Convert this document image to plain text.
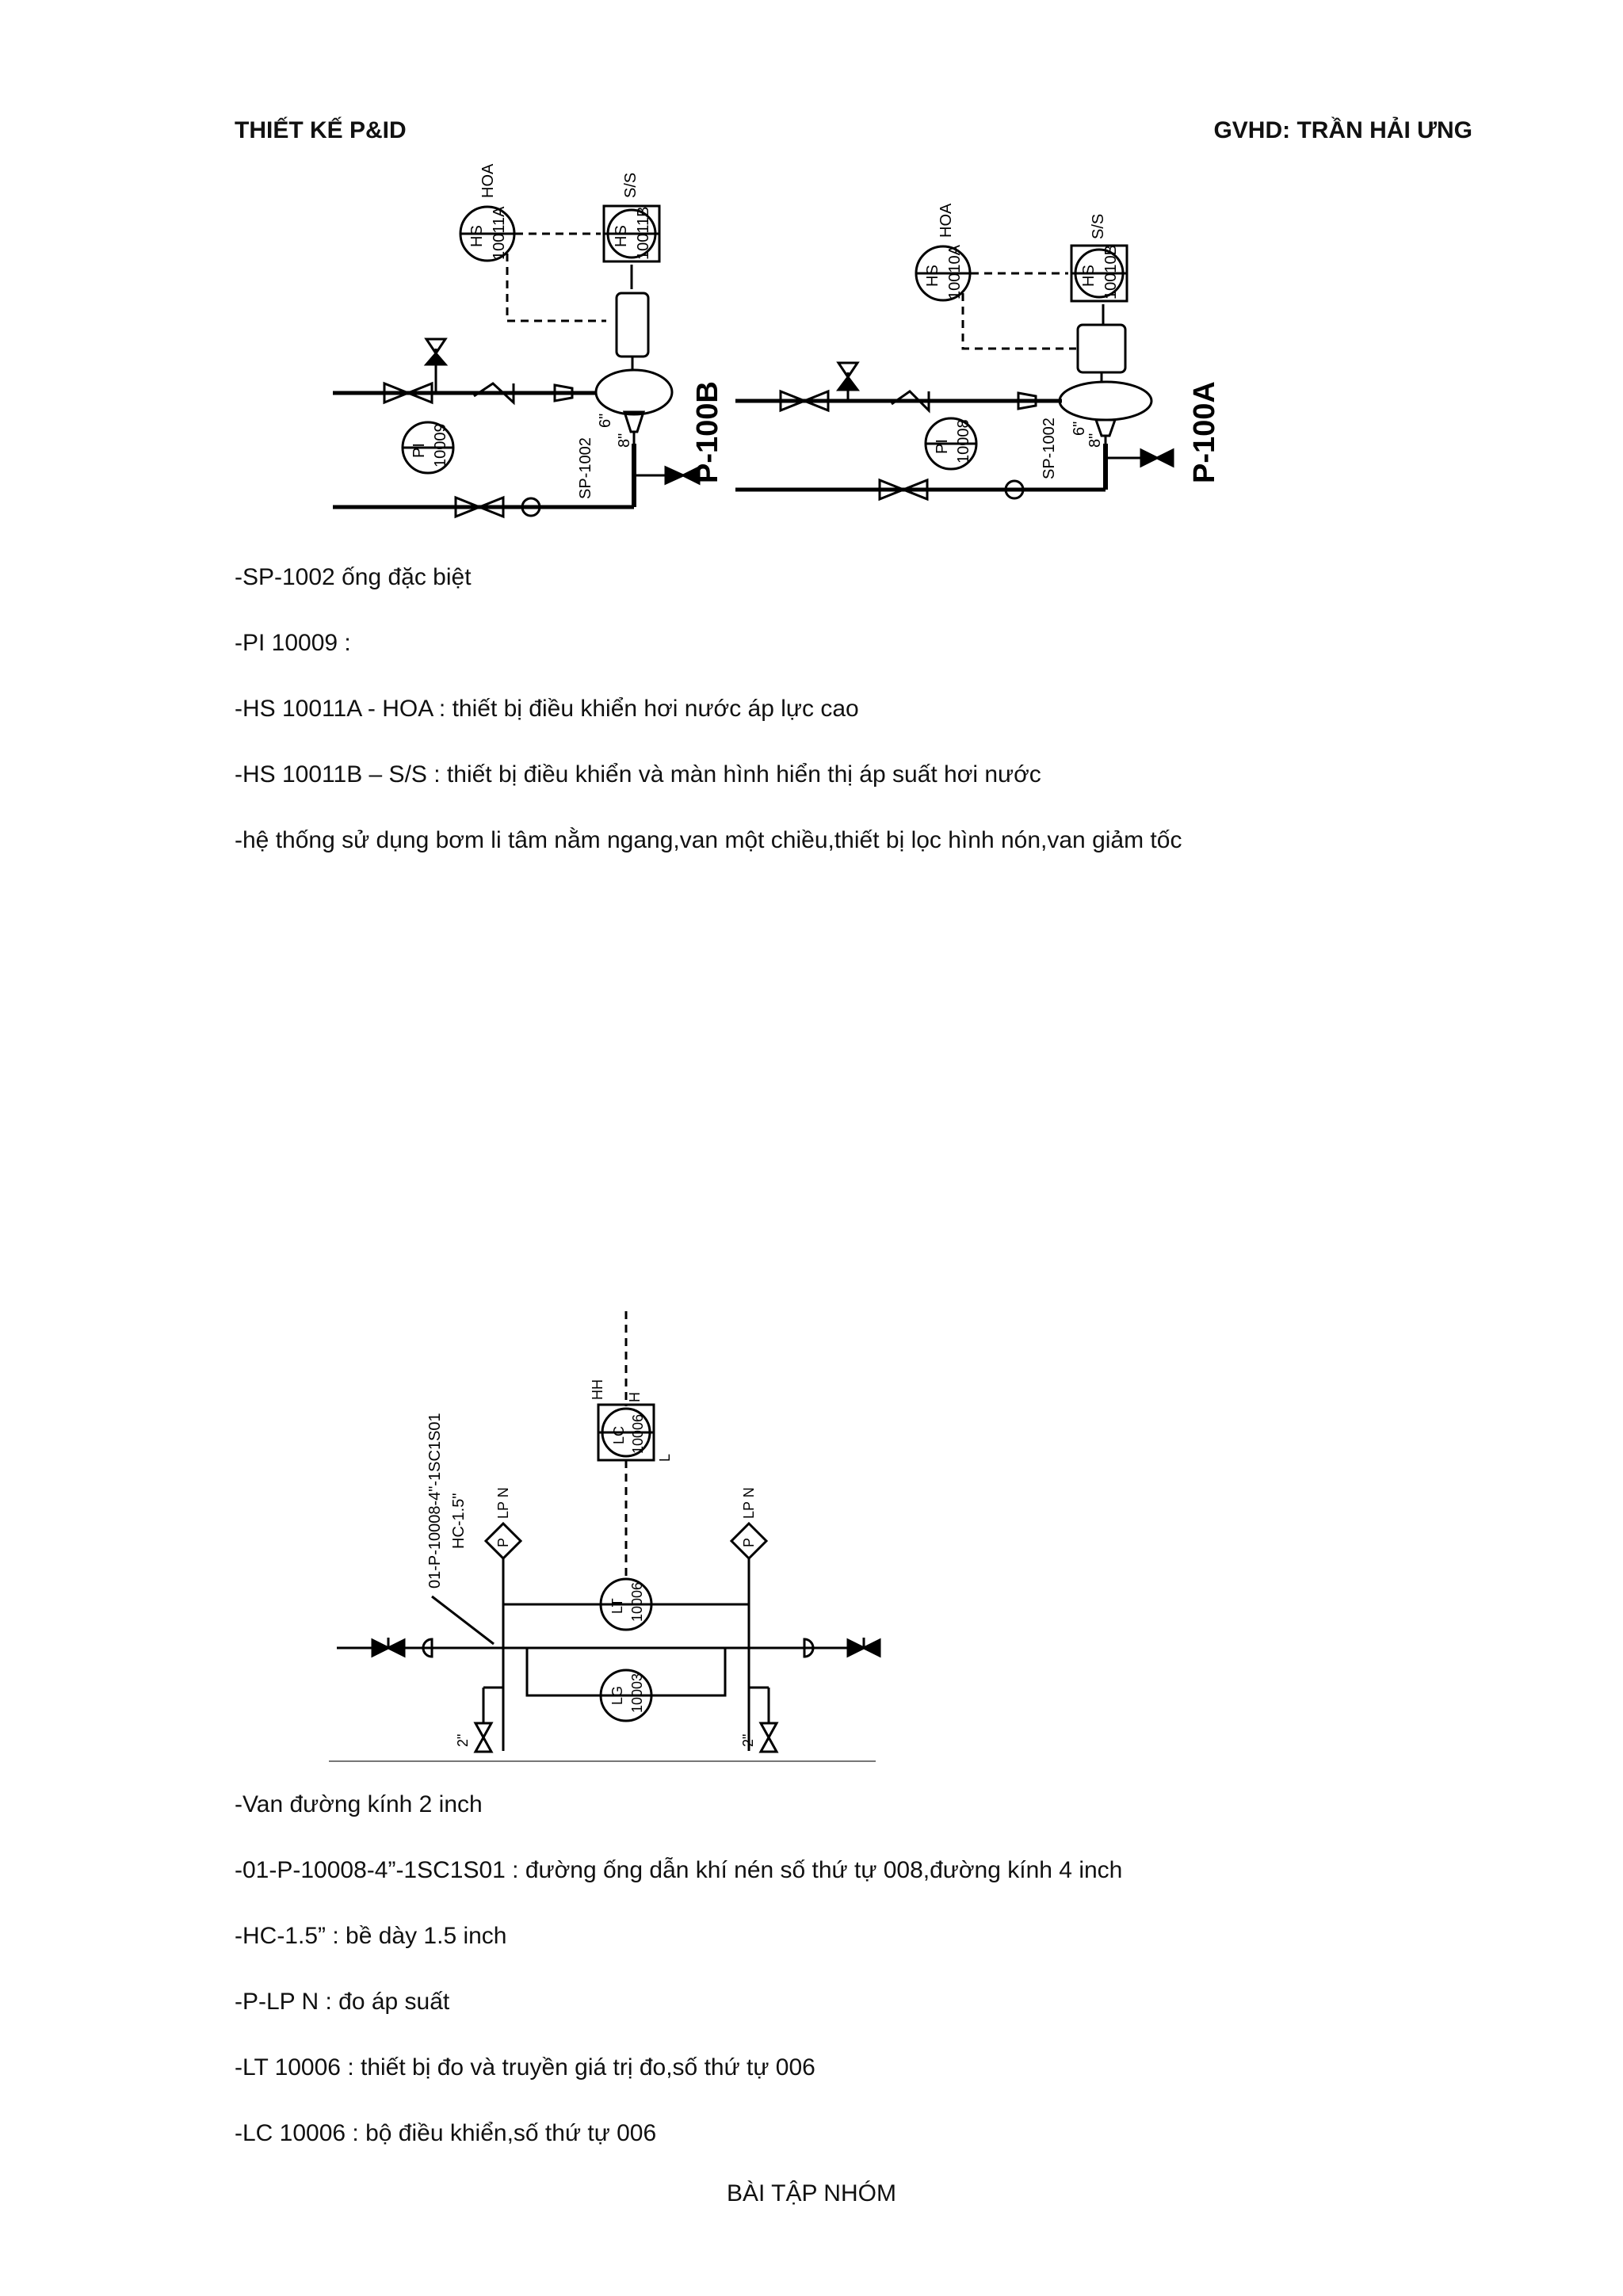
THIẾT KẾ P&ID	GVHD: TRẦN HẢI ƯNG
HOA
HS 10011A
S/S
HS 10011B
PI 10009	SP-1002
6"
8" P-100B
HOA
HS 10010A
S/S
HS 10010B
PI 10008	SP-1002 6"
8"	P-100A
-SP-1002 ống đặc biệt
-PI 10009 :
-HS 10011A - HOA : thiết bị điều khiển hơi nước áp lực cao
-HS 10011B – S/S : thiết bị điều khiển và màn hình hiển thị áp suất hơi nước
-hệ thống sử dụng bơm li tâm nằm ngang,van một chiều,thiết bị lọc hình nón,van giảm tốc
HH H
LC 10006
L
LT 10006
LG 10003
P
LP N
P
LP N
01-P-10008-4"-1SC1S01 HC-1.5"
2"	2"
-Van đường kính 2 inch
-01-P-10008-4”-1SC1S01 : đường ống dẫn khí nén số thứ tự 008,đường kính 4 inch
-HC-1.5” : bề dày 1.5 inch
-P-LP N : đo áp suất
-LT 10006 : thiết bị đo và truyền giá trị đo,số thứ tự 006
-LC 10006 : bộ điều khiển,số thứ tự 006
BÀI TẬP NHÓM
